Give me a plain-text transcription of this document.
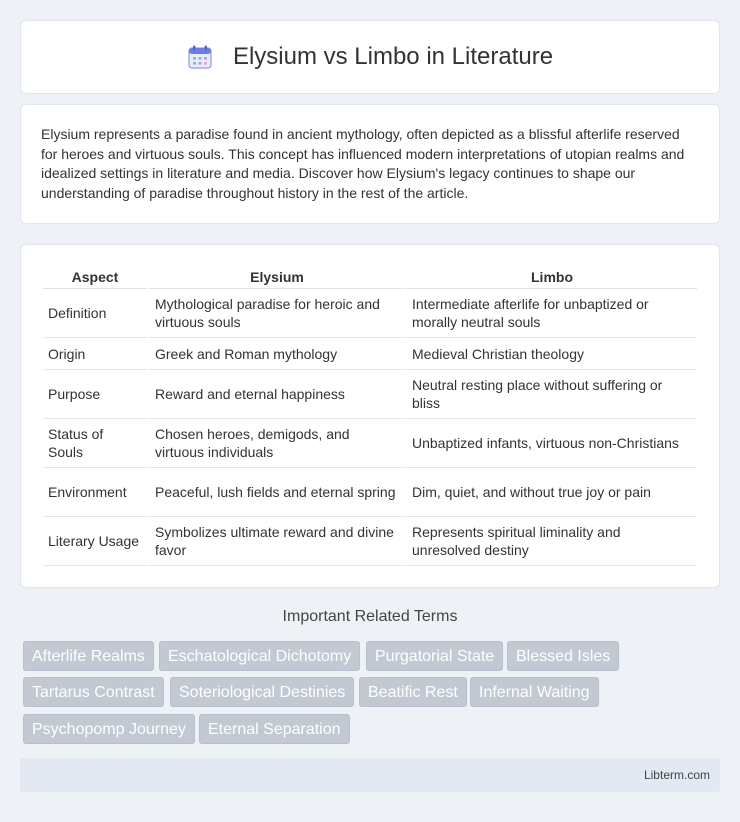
Elysium vs Limbo in Literature

Elysium represents a paradise found in ancient mythology, often depicted as a blissful afterlife reserved for heroes and virtuous souls. This concept has influenced modern interpretations of utopian realms and idealized settings in literature and media. Discover how Elysium's legacy continues to shape our understanding of paradise throughout history in the rest of the article.

Aspect	Elysium	Limbo
Definition	Mythological paradise for heroic and virtuous souls	Intermediate afterlife for unbaptized or morally neutral souls
Origin	Greek and Roman mythology	Medieval Christian theology
Purpose	Reward and eternal happiness	Neutral resting place without suffering or bliss
Status of Souls	Chosen heroes, demigods, and virtuous individuals	Unbaptized infants, virtuous non-Christians
Environment	Peaceful, lush fields and eternal spring	Dim, quiet, and without true joy or pain
Literary Usage	Symbolizes ultimate reward and divine favor	Represents spiritual liminality and unresolved destiny
Important Related Terms
Afterlife Realms	Eschatological Dichotomy	Purgatorial State	Blessed Isles
Tartarus Contrast	Soteriological Destinies	Beatific Rest	Infernal Waiting
Psychopomp Journey	Eternal Separation
Libterm.com
